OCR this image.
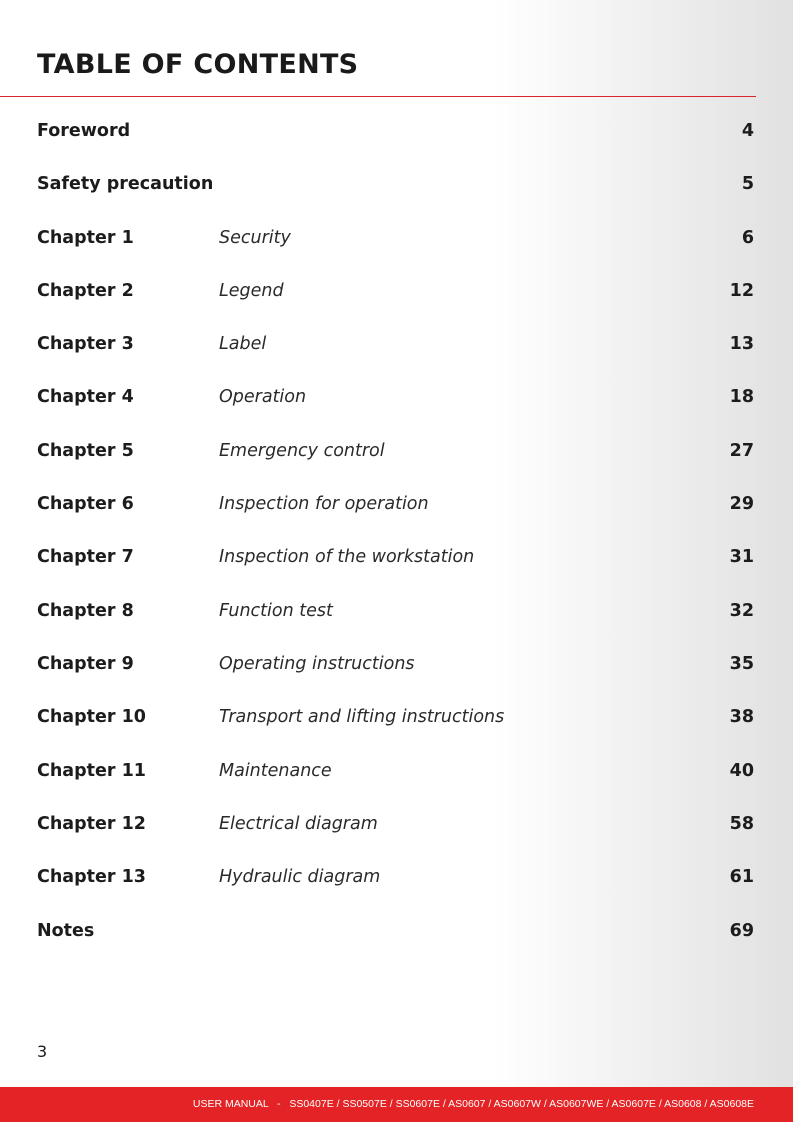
TABLE OF CONTENTS
Foreword	4
Safety precaution	5
Chapter 1	Security	6
Chapter 2	Legend	12
Chapter 3	Label	13
Chapter 4	Operation	18
Chapter 5	Emergency control	27
Chapter 6	Inspection for operation	29
Chapter 7	Inspection of the workstation	31
Chapter 8	Function test	32
Chapter 9	Operating instructions	35
Chapter 10	Transport and lifting instructions	38
Chapter 11	Maintenance	40
Chapter 12	Electrical diagram	58
Chapter 13	Hydraulic diagram	61
Notes	69
3
USER MANUAL   -   SS0407E / SS0507E / SS0607E / AS0607 / AS0607W / AS0607WE / AS0607E / AS0608 / AS0608E
